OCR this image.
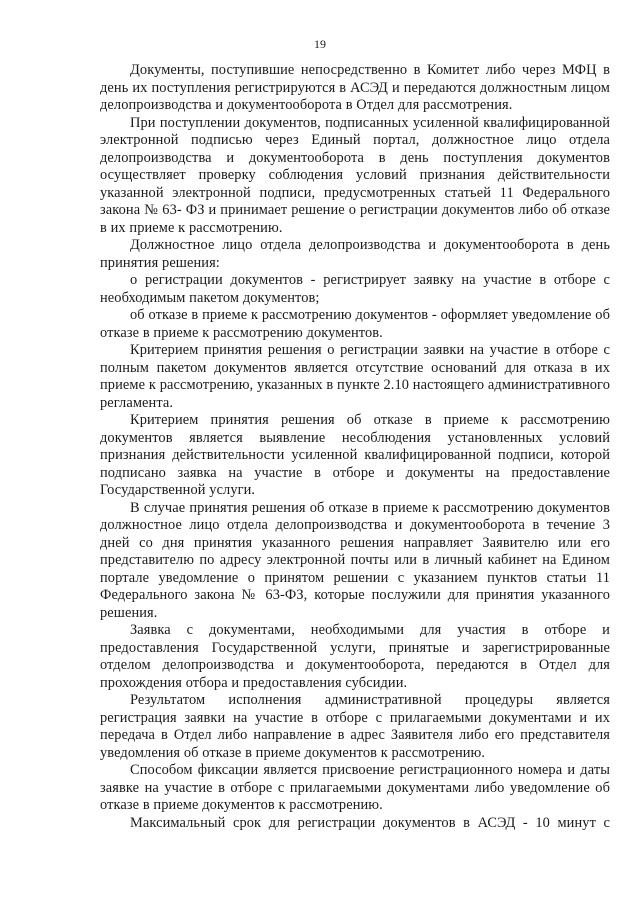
19

Документы, поступившие непосредственно в Комитет либо через МФЦ в день их поступления регистрируются в АСЭД и передаются должностным лицом делопроизводства и документооборота в Отдел для рассмотрения.

При поступлении документов, подписанных усиленной квалифицированной электронной подписью через Единый портал, должностное лицо отдела делопроизводства и документооборота в день поступления документов осуществляет проверку соблюдения условий признания действительности указанной электронной подписи, предусмотренных статьей 11 Федерального закона № 63- ФЗ и принимает решение о регистрации документов либо об отказе в их приеме к рассмотрению.

Должностное лицо отдела делопроизводства и документооборота в день принятия решения:

о регистрации документов - регистрирует заявку на участие в отборе с необходимым пакетом документов;

об отказе в приеме к рассмотрению документов - оформляет уведомление об отказе в приеме к рассмотрению документов.

Критерием принятия решения о регистрации заявки на участие в отборе с полным пакетом документов является отсутствие оснований для отказа в их приеме к рассмотрению, указанных в пункте 2.10 настоящего административного регламента.

Критерием принятия решения об отказе в приеме к рассмотрению документов является выявление несоблюдения установленных условий признания действительности усиленной квалифицированной подписи, которой подписано заявка на участие в отборе и документы на предоставление Государственной услуги.

В случае принятия решения об отказе в приеме к рассмотрению документов должностное лицо отдела делопроизводства и документооборота в течение 3 дней со дня принятия указанного решения направляет Заявителю или его представителю по адресу электронной почты или в личный кабинет на Едином портале уведомление о принятом решении с указанием пунктов статьи 11 Федерального закона № 63-ФЗ, которые послужили для принятия указанного решения.

Заявка с документами, необходимыми для участия в отборе и предоставления Государственной услуги, принятые и зарегистрированные отделом делопроизводства и документооборота, передаются в Отдел для прохождения отбора и предоставления субсидии.

Результатом исполнения административной процедуры является регистрация заявки на участие в отборе с прилагаемыми документами и их передача в Отдел либо направление в адрес Заявителя либо его представителя уведомления об отказе в приеме документов к рассмотрению.

Способом фиксации является присвоение регистрационного номера и даты заявке на участие в отборе с прилагаемыми документами либо уведомление об отказе в приеме документов к рассмотрению.

Максимальный срок для регистрации документов в АСЭД - 10 минут с
